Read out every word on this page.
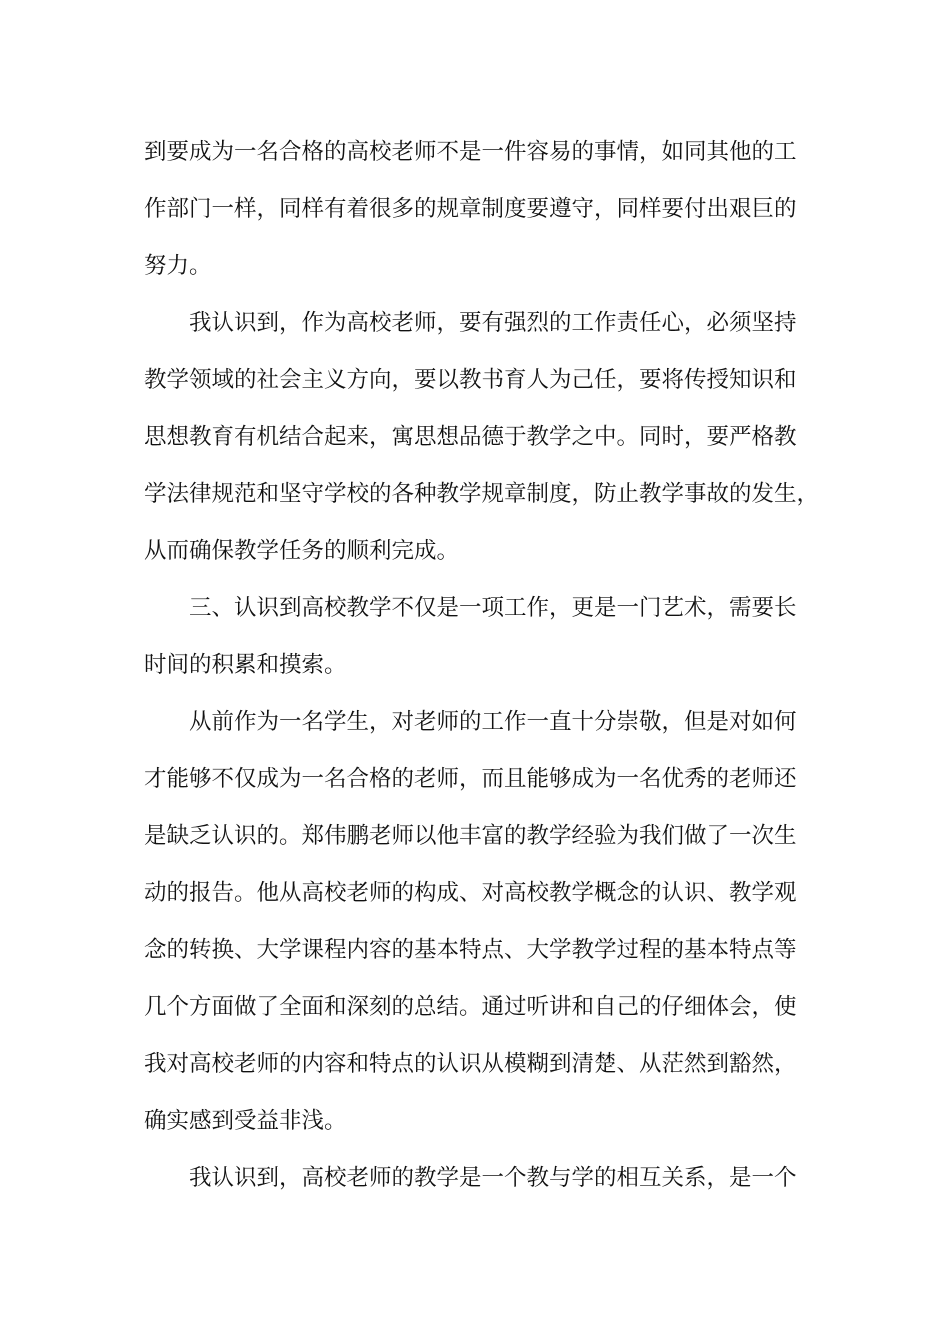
到要成为一名合格的高校老师不是一件容易的事情，如同其他的工
作部门一样，同样有着很多的规章制度要遵守，同样要付出艰巨的
努力。
我认识到，作为高校老师，要有强烈的工作责任心，必须坚持
教学领域的社会主义方向，要以教书育人为己任，要将传授知识和
思想教育有机结合起来，寓思想品德于教学之中。同时，要严格教
学法律规范和坚守学校的各种教学规章制度，防止教学事故的发生，
从而确保教学任务的顺利完成。
三、认识到高校教学不仅是一项工作，更是一门艺术，需要长
时间的积累和摸索。
从前作为一名学生，对老师的工作一直十分崇敬，但是对如何
才能够不仅成为一名合格的老师，而且能够成为一名优秀的老师还
是缺乏认识的。郑伟鹏老师以他丰富的教学经验为我们做了一次生
动的报告。他从高校老师的构成、对高校教学概念的认识、教学观
念的转换、大学课程内容的基本特点、大学教学过程的基本特点等
几个方面做了全面和深刻的总结。通过听讲和自己的仔细体会，使
我对高校老师的内容和特点的认识从模糊到清楚、从茫然到豁然，
确实感到受益非浅。
我认识到，高校老师的教学是一个教与学的相互关系，是一个
